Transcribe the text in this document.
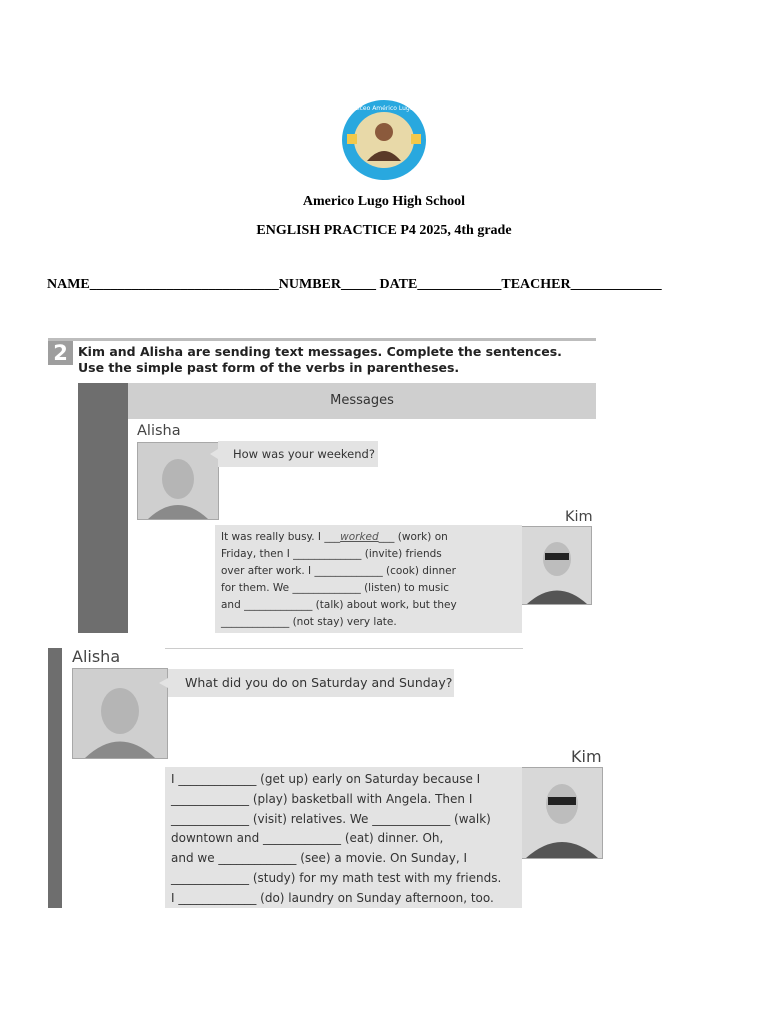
Liceo Américo Lugo
Americo Lugo High School
ENGLISH PRACTICE P4 2025, 4th grade
NAME___________________________NUMBER_____ DATE____________TEACHER_____________
2 Kim and Alisha are sending text messages. Complete the sentences.
Use the simple past form of the verbs in parentheses.
Messages
Alisha
How was your weekend?
Kim
It was really busy. I ___worked___ (work) on
Friday, then I _____________ (invite) friends
over after work. I _____________ (cook) dinner
for them. We _____________ (listen) to music
and _____________ (talk) about work, but they
_____________ (not stay) very late.
Alisha
What did you do on Saturday and Sunday?
Kim
I _____________ (get up) early on Saturday because I
_____________ (play) basketball with Angela. Then I
_____________ (visit) relatives. We _____________ (walk)
downtown and _____________ (eat) dinner. Oh,
and we _____________ (see) a movie. On Sunday, I
_____________ (study) for my math test with my friends.
I _____________ (do) laundry on Sunday afternoon, too.
